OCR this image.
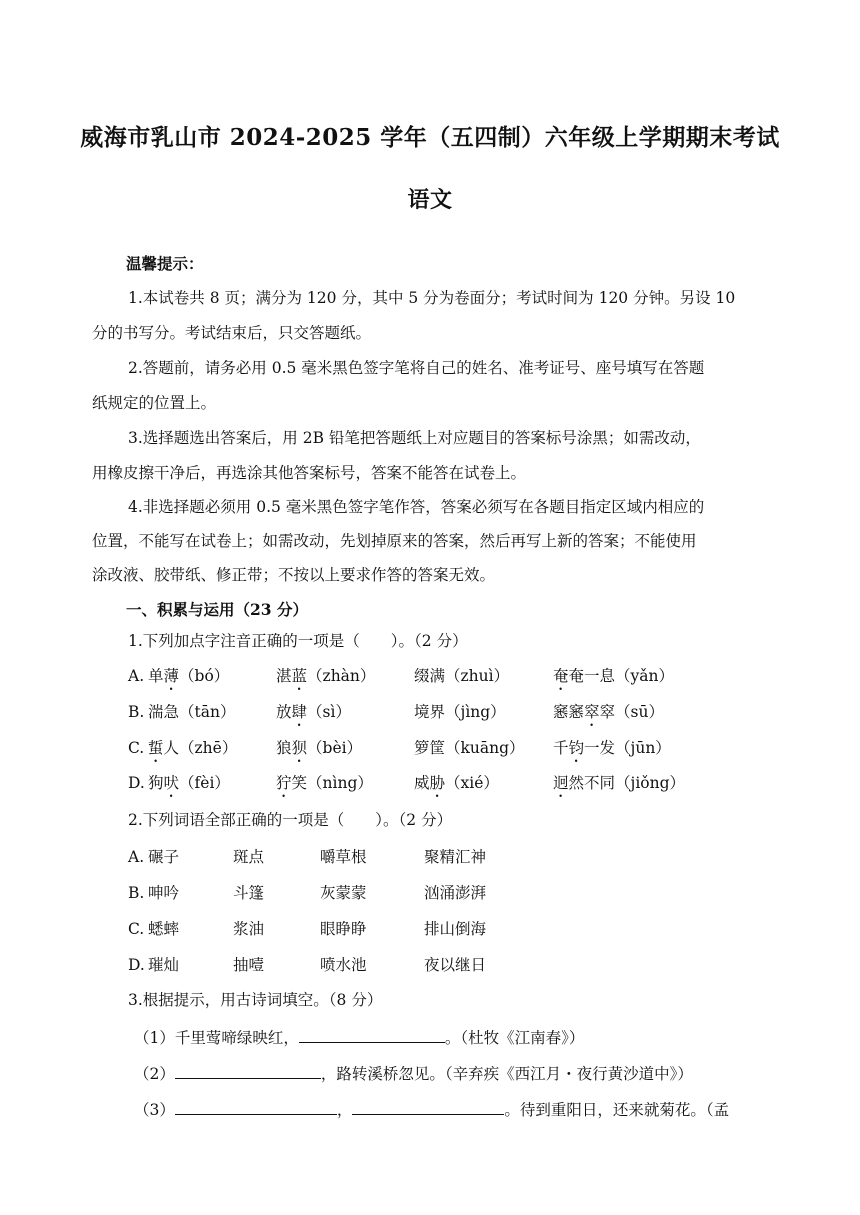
威海市乳山市 2024-2025 学年（五四制）六年级上学期期末考试
语文
温馨提示：
1.本试卷共 8 页；满分为 120 分，其中 5 分为卷面分；考试时间为 120 分钟。另设 10
分的书写分。考试结束后，只交答题纸。
2.答题前，请务必用 0.5 毫米黑色签字笔将自己的姓名、准考证号、座号填写在答题
纸规定的位置上。
3.选择题选出答案后，用 2B 铅笔把答题纸上对应题目的答案标号涂黑；如需改动，
用橡皮擦干净后，再选涂其他答案标号，答案不能答在试卷上。
4.非选择题必须用 0.5 毫米黑色签字笔作答，答案必须写在各题目指定区域内相应的
位置，不能写在试卷上；如需改动，先划掉原来的答案，然后再写上新的答案；不能使用
涂改液、胶带纸、修正带；不按以上要求作答的答案无效。
一、积累与运用（23 分）
1.下列加点字注音正确的一项是（　　）。（2 分）
A. 单薄（bó）	湛蓝（zhàn） 缀满（zhuì）	奄奄一息（yǎn）
B. 湍急（tān）	放肆（sì）	境界（jìng）	窸窸窣窣（sū）
C. 蜇人（zhē） 狼狈（bèi）	箩筐（kuāng） 千钧一发（jūn）
D. 狗吠（fèi）	狞笑（nìng）	威胁（xié）	迥然不同（jiǒng）
2.下列词语全部正确的一项是（　　）。（2 分）
A. 碾子	斑点	嚼草根	聚精汇神
B. 呻吟	斗篷	灰蒙蒙	汹涌澎湃
C. 蟋蟀	浆油	眼睁睁	排山倒海
D. 璀灿	抽噎	喷水池	夜以继日
3.根据提示，用古诗词填空。（8 分）
（1）千里莺啼绿映红，	。（杜牧《江南春》）
（2）	，路转溪桥忽见。（辛弃疾《西江月・夜行黄沙道中》）
（3）	，	。待到重阳日，还来就菊花。（孟
